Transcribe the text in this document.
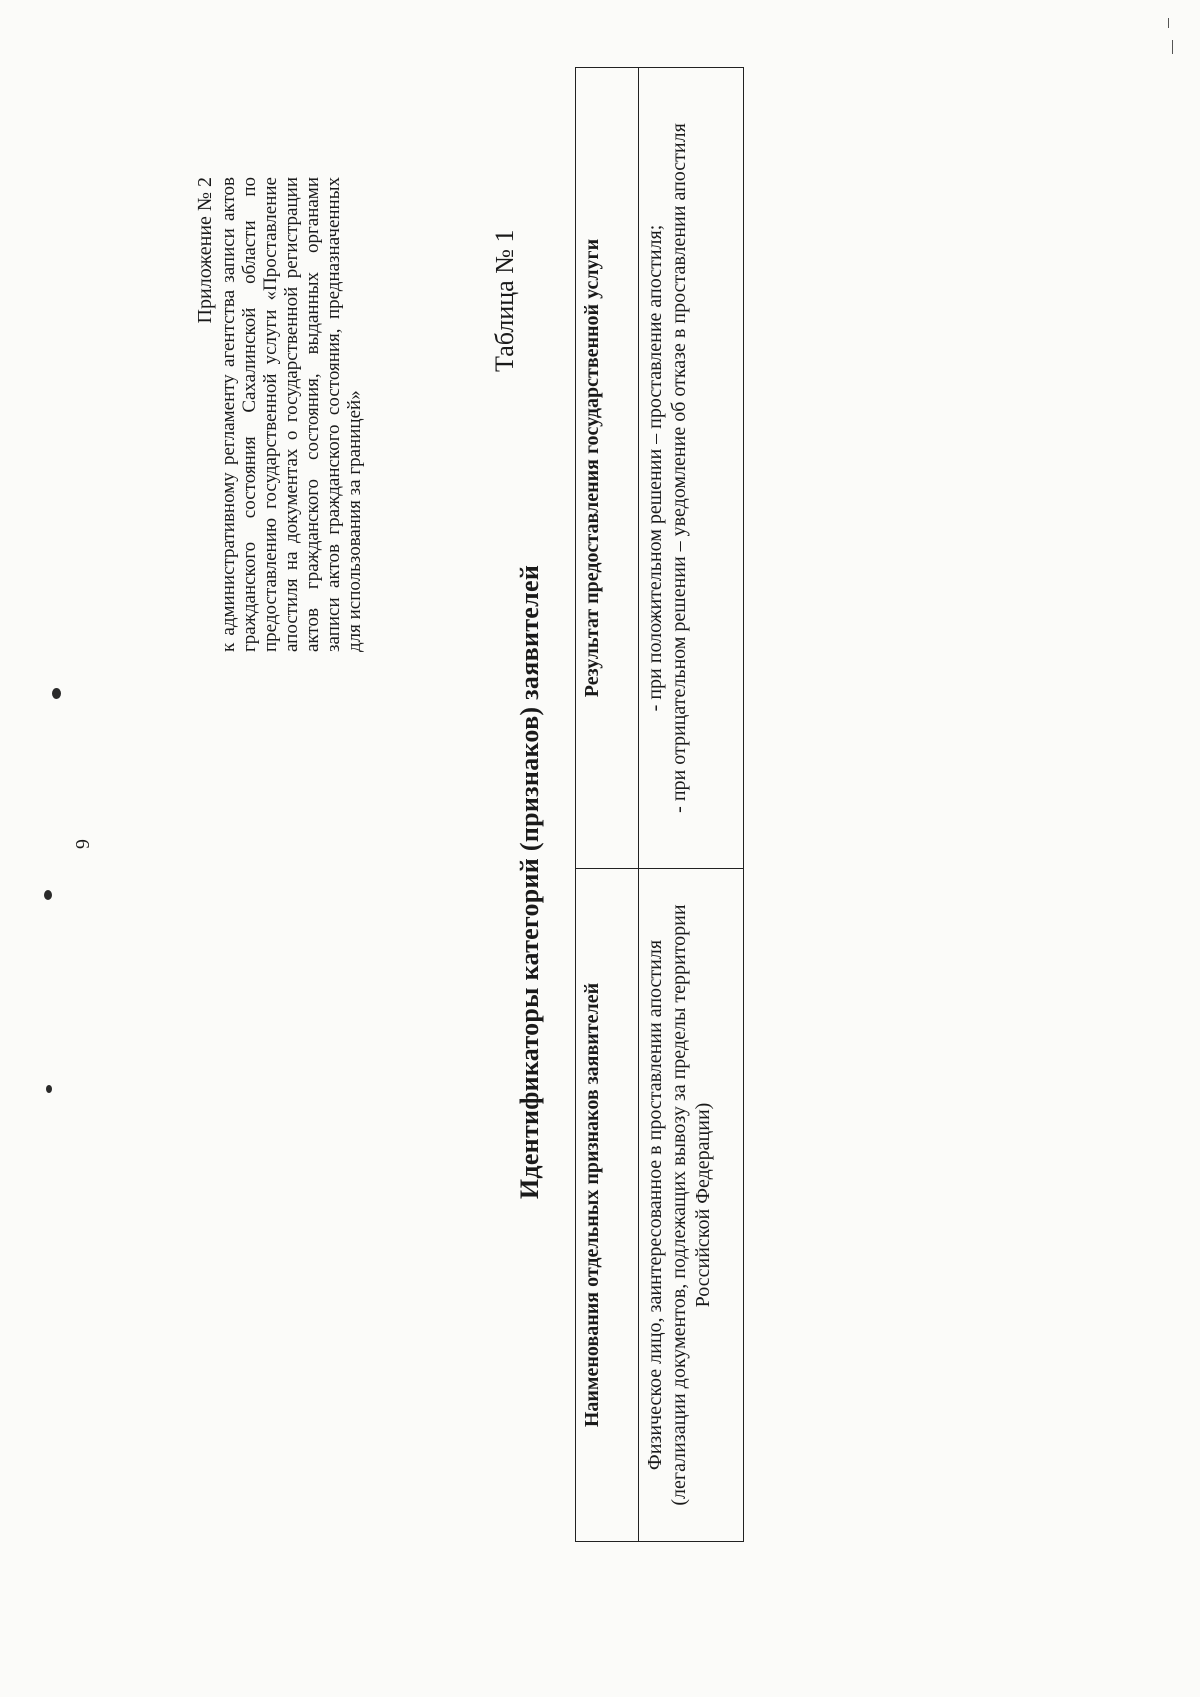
6
Приложение № 2 к административному регламенту агентства записи актов гражданского состояния Сахалинской области по предоставлению государственной услуги «Проставление апостиля на документах о государственной регистрации актов гражданского состояния, выданных органами записи актов гражданского состояния, предназначенных для использования за границей»
Таблица № 1
Идентификаторы категорий (признаков) заявителей
Наименования отдельных признаков заявителей	Результат предоставления государственной услуги
Физическое лицо, заинтересованное в проставлении апостиля (легализации документов, подлежащих вывозу за пределы территории Российской Федерации)	- при положительном решении – проставление апостиля; - при отрицательном решении – уведомление об отказе в проставлении апостиля
